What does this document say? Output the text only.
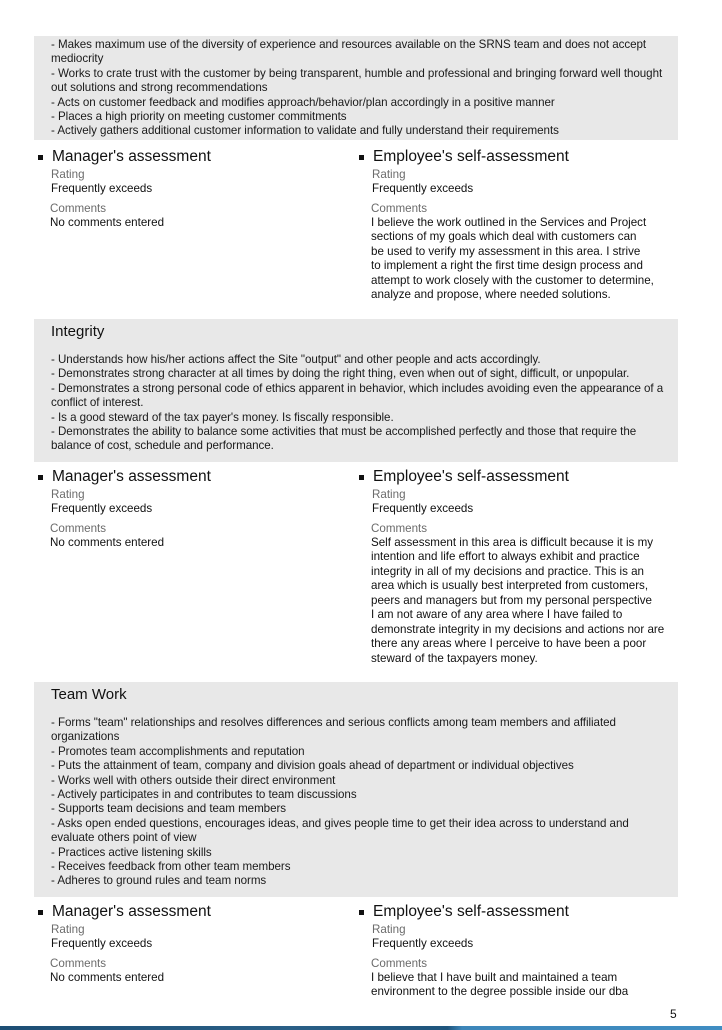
- Makes maximum use of the diversity of experience and resources available on the SRNS team and does not accept mediocrity
- Works to crate trust with the customer by being transparent, humble and professional and bringing forward well thought out solutions and strong recommendations
- Acts on customer feedback and modifies approach/behavior/plan accordingly in a positive manner
- Places a high priority on meeting customer commitments
- Actively gathers additional customer information to validate and fully understand their requirements
Manager's assessment
Rating
Frequently exceeds
Comments
No comments entered
Employee's self-assessment
Rating
Frequently exceeds
Comments
I believe the work outlined in the Services and Project
sections of my goals which deal with customers can
be used to verify my assessment in this area. I strive
to implement a right the first time design process and
attempt to work closely with the customer to determine,
analyze and propose, where needed solutions.
Integrity
- Understands how his/her actions affect the Site "output" and other people and acts accordingly.
- Demonstrates strong character at all times by doing the right thing, even when out of sight, difficult, or unpopular.
- Demonstrates a strong personal code of ethics apparent in behavior, which includes avoiding even the appearance of a conflict of interest.
- Is a good steward of the tax payer's money. Is fiscally responsible.
- Demonstrates the ability to balance some activities that must be accomplished perfectly and those that require the balance of cost, schedule and performance.
Manager's assessment
Rating
Frequently exceeds
Comments
No comments entered
Employee's self-assessment
Rating
Frequently exceeds
Comments
Self assessment in this area is difficult because it is my
intention and life effort to always exhibit and practice
integrity in all of my decisions and practice. This is an
area which is usually best interpreted from customers,
peers and managers but from my personal perspective
I am not aware of any area where I have failed to
demonstrate integrity in my decisions and actions nor are
there any areas where I perceive to have been a poor
steward of the taxpayers money.
Team Work
- Forms "team" relationships and resolves differences and serious conflicts among team members and affiliated organizations
- Promotes team accomplishments and reputation
- Puts the attainment of team, company and division goals ahead of department or individual objectives
- Works well with others outside their direct environment
- Actively participates in and contributes to team discussions
- Supports team decisions and team members
- Asks open ended questions, encourages ideas, and gives people time to get their idea across to understand and evaluate others point of view
- Practices active listening skills
- Receives feedback from other team members
- Adheres to ground rules and team norms
Manager's assessment
Rating
Frequently exceeds
Comments
No comments entered
Employee's self-assessment
Rating
Frequently exceeds
Comments
I believe that I have built and maintained a team
environment to the degree possible inside our dba
5
